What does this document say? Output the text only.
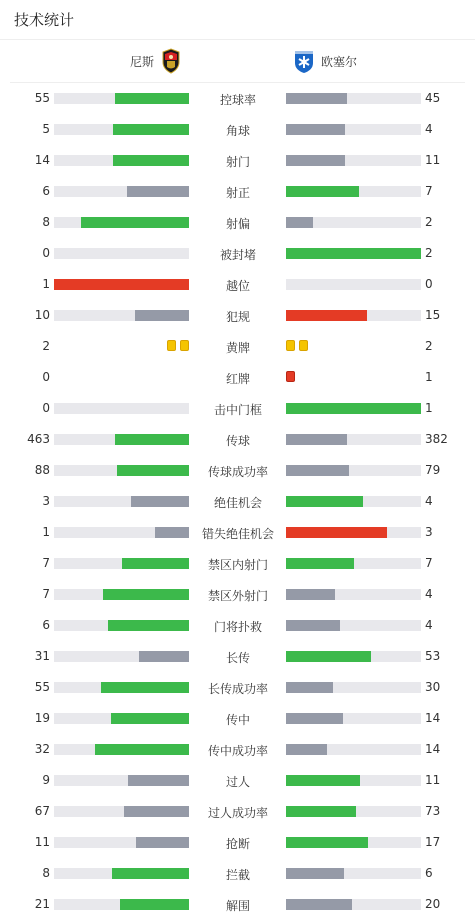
技术统计
尼斯	欧塞尔
55	控球率	45
5	角球	4
14	射门	11
6	射正	7
8	射偏	2
0	被封堵	2
1	越位	0
10	犯规	15
2	黄牌	2
0	红牌	1
0	击中门框	1
463	传球	382
88	传球成功率	79
3	绝佳机会	4
1	错失绝佳机会	3
7	禁区内射门	7
7	禁区外射门	4
6	门将扑救	4
31	长传	53
55	长传成功率	30
19	传中	14
32	传中成功率	14
9	过人	11
67	过人成功率	73
11	抢断	17
8	拦截	6
21	解围	20
